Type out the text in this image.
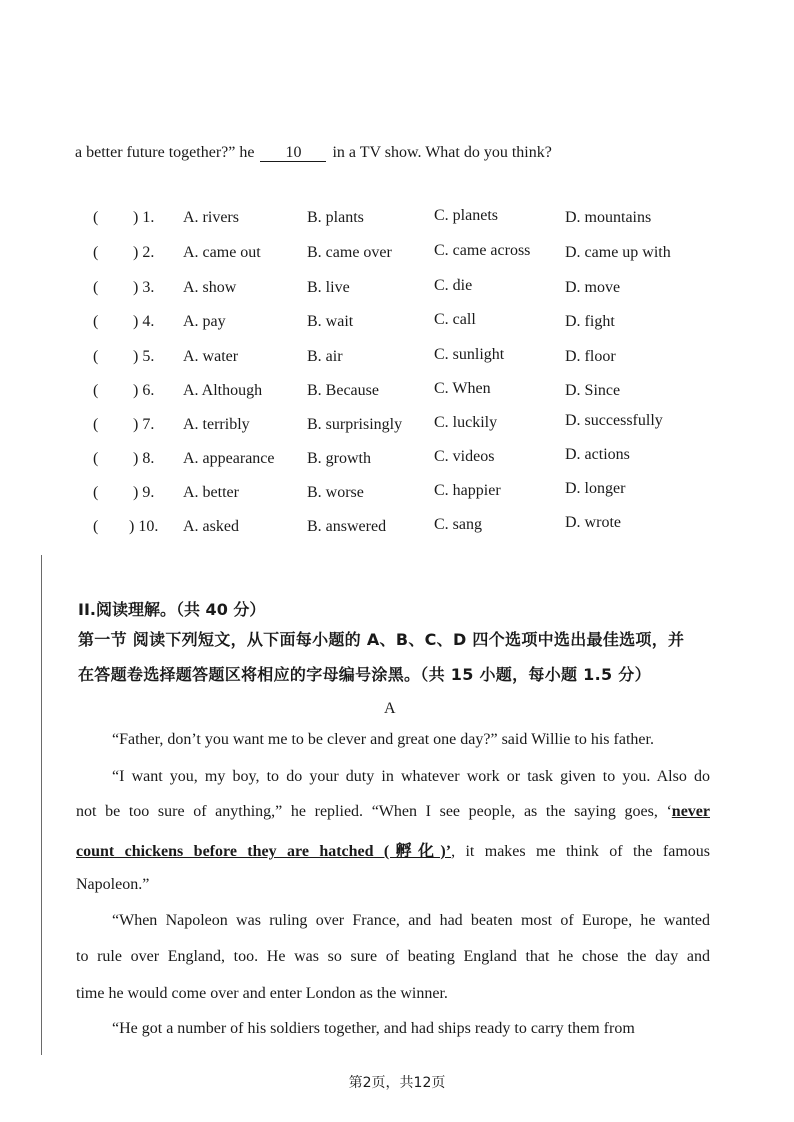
a better future together?” he 10 in a TV show. What do you think?
( ) 1. A. rivers	B. plants	C. planets	D. mountains
( ) 2. A. came out	B. came over	C. came across D. came up with
( ) 3. A. show	B. live	C. die	D. move
( ) 4. A. pay	B. wait	C. call	D. fight
( ) 5. A. water	B. air	C. sunlight	D. floor
( ) 6. A. Although	B. Because	C. When	D. Since
( ) 7. A. terribly	B. surprisingly C. luckily	D. successfully
( ) 8. A. appearance B. growth	C. videos	D. actions
( ) 9. A. better	B. worse	C. happier	D. longer
( ) 10. A. asked	B. answered	C. sang	D. wrote
II.阅读理解。（共 40 分）
第一节 阅读下列短文，从下面每小题的 A、B、C、D 四个选项中选出最佳选项，并
在答题卷选择题答题区将相应的字母编号涂黑。（共 15 小题，每小题 1.5 分）
A
“Father, don’t you want me to be clever and great one day?” said Willie to his father.
“I want you, my boy, to do your duty in whatever work or task given to you. Also do
not be too sure of anything,” he replied. “When I see people, as the saying goes, ‘never
count chickens before they are hatched (孵化)’, it makes me think of the famous
Napoleon.”
“When Napoleon was ruling over France, and had beaten most of Europe, he wanted
to rule over England, too. He was so sure of beating England that he chose the day and
time he would come over and enter London as the winner.
“He got a number of his soldiers together, and had ships ready to carry them from
第2页，共12页
